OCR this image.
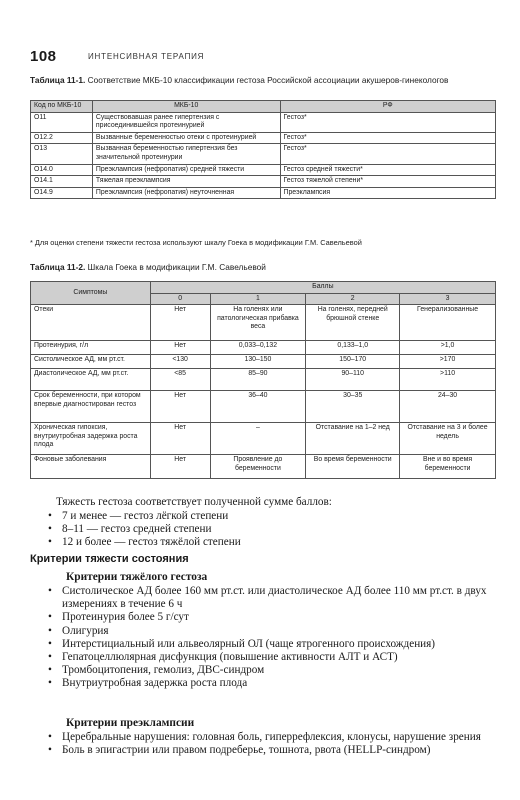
108	ИНТЕНСИВНАЯ ТЕРАПИЯ
Таблица 11-1. Соответствие МКБ-10 классификации гестоза Российской ассоциации акушеров-гинекологов
Код по МКБ-10	МКБ-10	РФ
O11	Существовавшая ранее гипертензия с присоединившейся протеинурией	Гестоз*
O12.2	Вызванные беременностью отеки с протеинурией	Гестоз*
O13	Вызванная беременностью гипертензия без значительной протеинурии	Гестоз*
O14.0	Преэклампсия (нефропатия) средней тяжести	Гестоз средней тяжести*
O14.1	Тяжелая преэклампсия	Гестоз тяжелой степени*
O14.9	Преэклампсия (нефропатия) неуточненная	Преэклампсия
* Для оценки степени тяжести гестоза используют шкалу Гоека в модификации Г.М. Савельевой
Таблица 11-2. Шкала Гоека в модификации Г.М. Савельевой
Симптомы	Баллы			
	0	1	2	3
Отеки	Нет	На голенях или патологическая прибавка веса	На голенях, передней брюшной стенке	Генерализованные
Протеинурия, г/л	Нет	0,033–0,132	0,133–1,0	>1,0
Систолическое АД, мм рт.ст.	<130	130–150	150–170	>170
Диастолическое АД, мм рт.ст.	<85	85–90	90–110	>110
Срок беременности, при котором впервые диагностирован гестоз	Нет	36–40	30–35	24–30
Хроническая гипоксия, внутриутробная задержка роста плода	Нет	–	Отставание на 1–2 нед	Отставание на 3 и более недель
Фоновые заболевания	Нет	Проявление до беременности	Во время беременности	Вне и во время беременности
Тяжесть гестоза соответствует полученной сумме баллов:
• 7 и менее — гестоз лёгкой степени
• 8–11 — гестоз средней степени
• 12 и более — гестоз тяжёлой степени
Критерии тяжести состояния
Критерии тяжёлого гестоза
• Систолическое АД более 160 мм рт.ст. или диастолическое АД более 110 мм рт.ст. в двух измерениях в течение 6 ч
• Протеинурия более 5 г/сут
• Олигурия
• Интерстициальный или альвеолярный ОЛ (чаще ятрогенного происхождения)
• Гепатоцеллюлярная дисфункция (повышение активности АЛТ и АСТ)
• Тромбоцитопения, гемолиз, ДВС-синдром
• Внутриутробная задержка роста плода
Критерии преэклампсии
• Церебральные нарушения: головная боль, гиперрефлексия, клонусы, нарушение зрения
• Боль в эпигастрии или правом подреберье, тошнота, рвота (HELLP-синдром)
